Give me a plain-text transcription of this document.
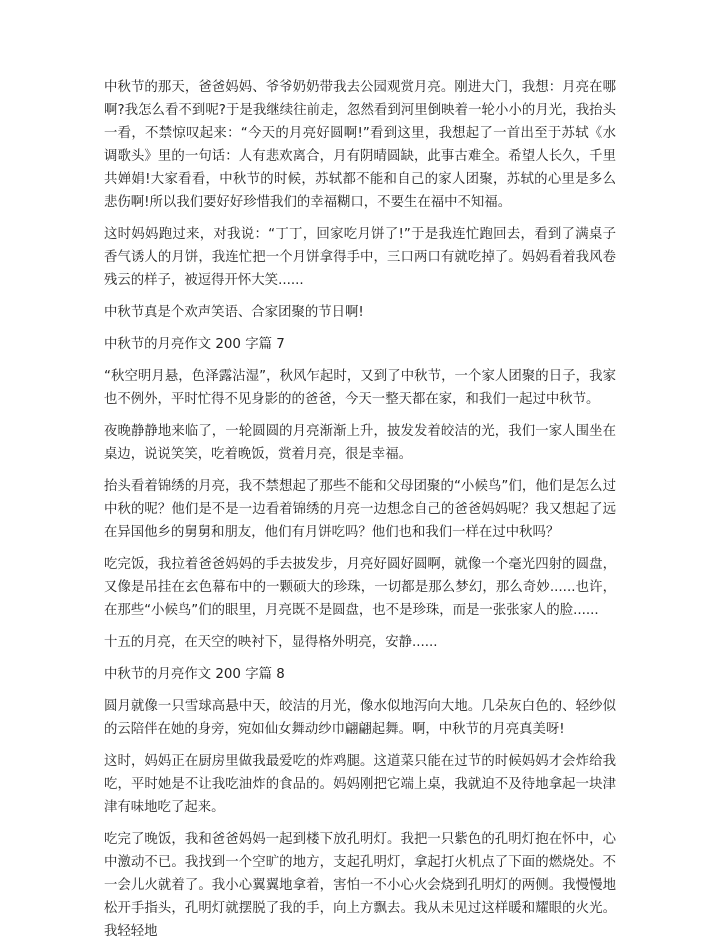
中秋节的那天，爸爸妈妈、爷爷奶奶带我去公园观赏月亮。刚进大门，我想：月亮在哪啊?我怎么看不到呢?于是我继续往前走，忽然看到河里倒映着一轮小小的月光，我抬头一看，不禁惊叹起来：“今天的月亮好圆啊!”看到这里，我想起了一首出至于苏轼《水调歌头》里的一句话：人有悲欢离合，月有阴晴圆缺，此事古难全。希望人长久，千里共婵娟!大家看看，中秋节的时候，苏轼都不能和自己的家人团聚，苏轼的心里是多么悲伤啊!所以我们要好好珍惜我们的幸福糊口，不要生在福中不知福。

这时妈妈跑过来，对我说：“丁丁，回家吃月饼了!”于是我连忙跑回去，看到了满桌子香气诱人的月饼，我连忙把一个月饼拿得手中，三口两口有就吃掉了。妈妈看着我风卷残云的样子，被逗得开怀大笑......

中秋节真是个欢声笑语、合家团聚的节日啊!

中秋节的月亮作文 200 字篇 7

“秋空明月悬，色泽露沾湿”，秋风乍起时，又到了中秋节，一个家人团聚的日子，我家也不例外，平时忙得不见身影的的爸爸，今天一整天都在家，和我们一起过中秋节。

夜晚静静地来临了，一轮圆圆的月亮渐渐上升，披发发着皎洁的光，我们一家人围坐在桌边，说说笑笑，吃着晚饭，赏着月亮，很是幸福。

抬头看着锦绣的月亮，我不禁想起了那些不能和父母团聚的“小候鸟”们，他们是怎么过中秋的呢？他们是不是一边看着锦绣的月亮一边想念自己的爸爸妈妈呢？我又想起了远在异国他乡的舅舅和朋友，他们有月饼吃吗？他们也和我们一样在过中秋吗？

吃完饭，我拉着爸爸妈妈的手去披发步，月亮好圆好圆啊，就像一个毫光四射的圆盘，又像是吊挂在玄色幕布中的一颗硕大的珍珠，一切都是那么梦幻，那么奇妙......也许，在那些“小候鸟”们的眼里，月亮既不是圆盘，也不是珍珠，而是一张张家人的脸......

十五的月亮，在天空的映衬下，显得格外明亮，安静......

中秋节的月亮作文 200 字篇 8

圆月就像一只雪球高悬中天，皎洁的月光，像水似地泻向大地。几朵灰白色的、轻纱似的云陪伴在她的身旁，宛如仙女舞动纱巾翩翩起舞。啊，中秋节的月亮真美呀!

这时，妈妈正在厨房里做我最爱吃的炸鸡腿。这道菜只能在过节的时候妈妈才会炸给我吃，平时她是不让我吃油炸的食品的。妈妈刚把它端上桌，我就迫不及待地拿起一块津津有味地吃了起来。

吃完了晚饭，我和爸爸妈妈一起到楼下放孔明灯。我把一只紫色的孔明灯抱在怀中，心中激动不已。我找到一个空旷的地方，支起孔明灯，拿起打火机点了下面的燃烧处。不一会儿火就着了。我小心翼翼地拿着，害怕一不小心火会烧到孔明灯的两侧。我慢慢地松开手指头，孔明灯就摆脱了我的手，向上方飘去。我从未见过这样暖和耀眼的火光。我轻轻地
